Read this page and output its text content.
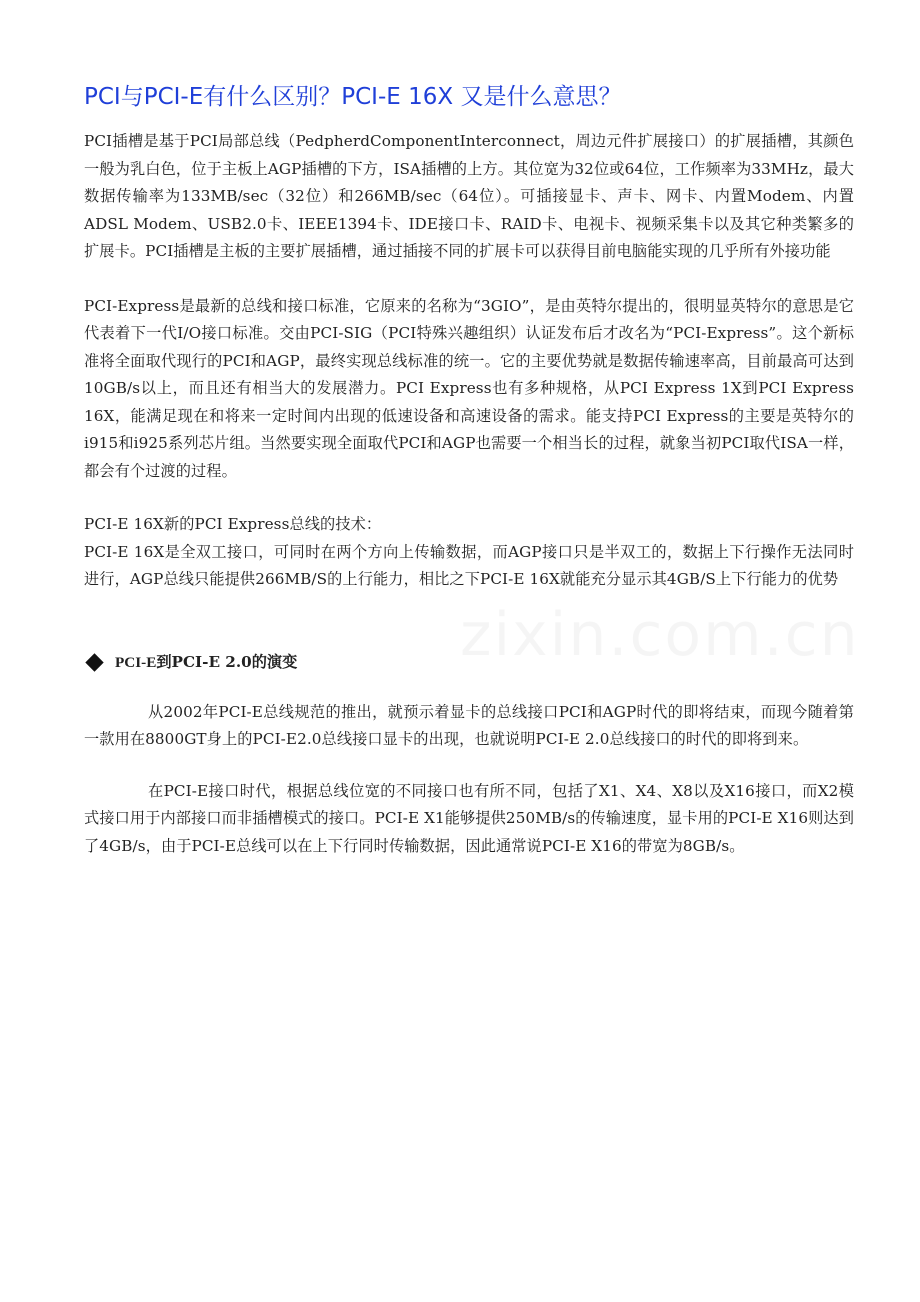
PCI与PCI-E有什么区别？PCI-E 16X 又是什么意思？

PCI插槽是基于PCI局部总线（PedpherdComponentInterconnect，周边元件扩展接口）的扩展插槽，其颜色一般为乳白色，位于主板上AGP插槽的下方，ISA插槽的上方。其位宽为32位或64位，工作频率为33MHz，最大数据传输率为133MB/sec（32位）和266MB/sec（64位）。可插接显卡、声卡、网卡、内置Modem、内置ADSL Modem、USB2.0卡、IEEE1394卡、IDE接口卡、RAID卡、电视卡、视频采集卡以及其它种类繁多的扩展卡。PCI插槽是主板的主要扩展插槽，通过插接不同的扩展卡可以获得目前电脑能实现的几乎所有外接功能

PCI-Express是最新的总线和接口标准，它原来的名称为“3GIO”，是由英特尔提出的，很明显英特尔的意思是它代表着下一代I/O接口标准。交由PCI-SIG（PCI特殊兴趣组织）认证发布后才改名为“PCI-Express”。这个新标准将全面取代现行的PCI和AGP，最终实现总线标准的统一。它的主要优势就是数据传输速率高，目前最高可达到10GB/s以上，而且还有相当大的发展潜力。PCI Express也有多种规格，从PCI Express 1X到PCI Express 16X，能满足现在和将来一定时间内出现的低速设备和高速设备的需求。能支持PCI Express的主要是英特尔的i915和i925系列芯片组。当然要实现全面取代PCI和AGP也需要一个相当长的过程，就象当初PCI取代ISA一样，都会有个过渡的过程。

PCI-E 16X新的PCI Express总线的技术：

PCI-E 16X是全双工接口，可同时在两个方向上传输数据，而AGP接口只是半双工的，数据上下行操作无法同时进行，AGP总线只能提供266MB/S的上行能力，相比之下PCI-E 16X就能充分显示其4GB/S上下行能力的优势

PCI-E到PCI-E 2.0的演变

从2002年PCI-E总线规范的推出，就预示着显卡的总线接口PCI和AGP时代的即将结束，而现今随着第一款用在8800GT身上的PCI-E2.0总线接口显卡的出现，也就说明PCI-E 2.0总线接口的时代的即将到来。

在PCI-E接口时代，根据总线位宽的不同接口也有所不同，包括了X1、X4、X8以及X16接口，而X2模式接口用于内部接口而非插槽模式的接口。PCI-E X1能够提供250MB/s的传输速度，显卡用的PCI-E X16则达到了4GB/s，由于PCI-E总线可以在上下行同时传输数据，因此通常说PCI-E X16的带宽为8GB/s。
